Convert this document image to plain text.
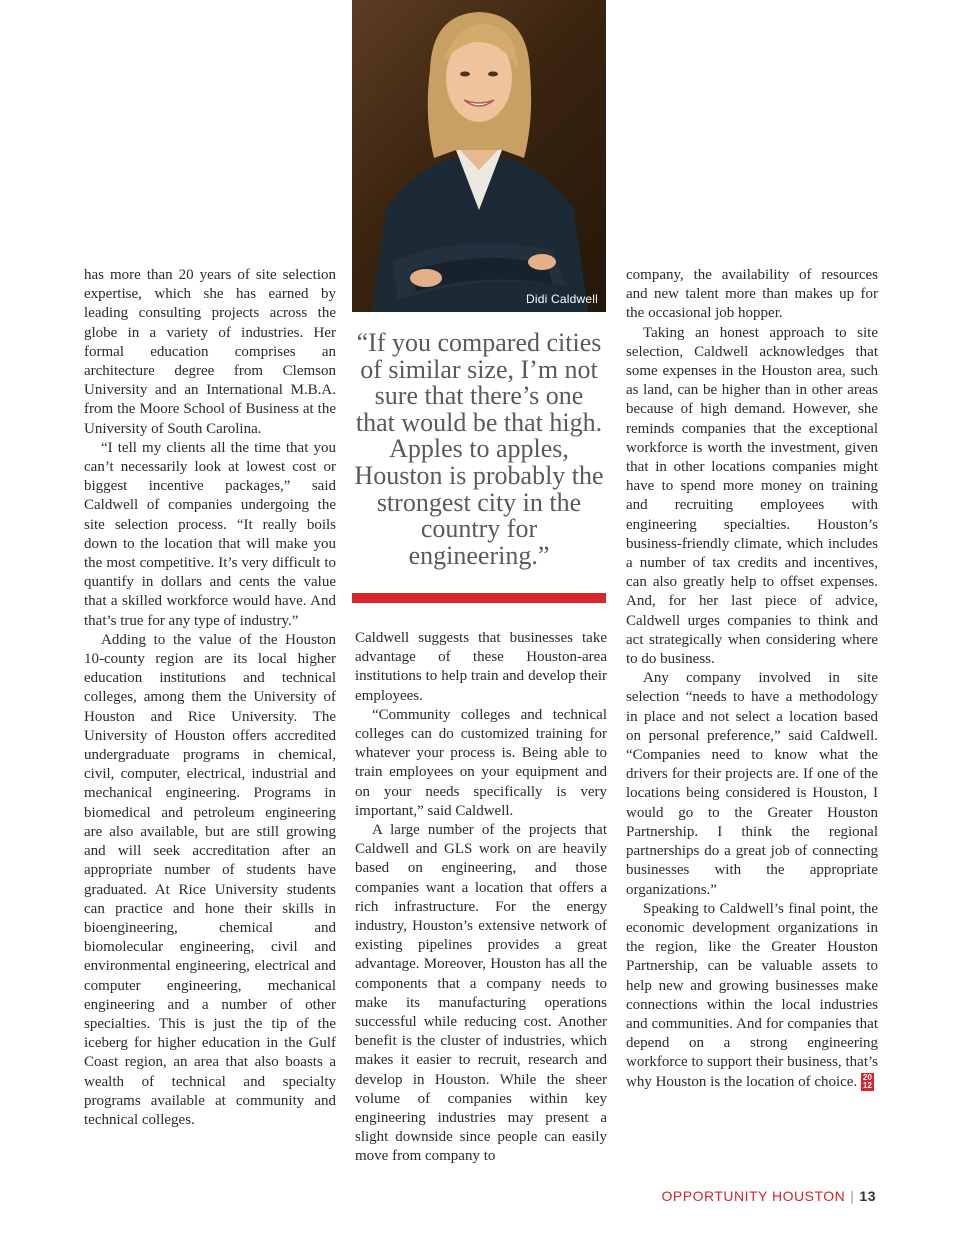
Didi Caldwell
“If you compared cities of similar size, I’m not sure that there’s one that would be that high. Apples to apples, Houston is probably the strongest city in the country for engineering.”

has more than 20 years of site selection expertise, which she has earned by leading consulting projects across the globe in a variety of industries. Her formal education comprises an architecture degree from Clemson University and an International M.B.A. from the Moore School of Business at the University of South Carolina.

“I tell my clients all the time that you can’t necessarily look at lowest cost or biggest incentive packages,” said Caldwell of companies undergoing the site selection process. “It really boils down to the location that will make you the most competitive. It’s very difficult to quantify in dollars and cents the value that a skilled workforce would have. And that’s true for any type of industry.”

Adding to the value of the Houston 10-county region are its local higher education institutions and technical colleges, among them the University of Houston and Rice University. The University of Houston offers accredited undergraduate programs in chemical, civil, computer, electrical, industrial and mechanical engineering. Programs in biomedical and petroleum engineering are also available, but are still growing and will seek accreditation after an appropriate number of students have graduated. At Rice University students can practice and hone their skills in bioengineering, chemical and biomolecular engineering, civil and environmental engineering, electrical and computer engineering, mechanical engineering and a number of other specialties. This is just the tip of the iceberg for higher education in the Gulf Coast region, an area that also boasts a wealth of technical and specialty programs available at community and technical colleges.

Caldwell suggests that businesses take advantage of these Houston-area institutions to help train and develop their employees.

“Community colleges and technical colleges can do customized training for whatever your process is. Being able to train employees on your equipment and on your needs specifically is very important,” said Caldwell.

A large number of the projects that Caldwell and GLS work on are heavily based on engineering, and those companies want a location that offers a rich infrastructure. For the energy industry, Houston’s extensive network of existing pipelines provides a great advantage. Moreover, Houston has all the components that a company needs to make its manufacturing operations successful while reducing cost. Another benefit is the cluster of industries, which makes it easier to recruit, research and develop in Houston. While the sheer volume of companies within key engineering industries may present a slight downside since people can easily move from company to

company, the availability of resources and new talent more than makes up for the occasional job hopper.

Taking an honest approach to site selection, Caldwell acknowledges that some expenses in the Houston area, such as land, can be higher than in other areas because of high demand. However, she reminds companies that the exceptional workforce is worth the investment, given that in other locations companies might have to spend more money on training and recruiting employees with engineering specialties. Houston’s business-friendly climate, which includes a number of tax credits and incentives, can also greatly help to offset expenses. And, for her last piece of advice, Caldwell urges companies to think and act strategically when considering where to do business.

Any company involved in site selection “needs to have a methodology in place and not select a location based on personal preference,” said Caldwell. “Companies need to know what the drivers for their projects are. If one of the locations being considered is Houston, I would go to the Greater Houston Partnership. I think the regional partnerships do a great job of connecting businesses with the appropriate organizations.”

Speaking to Caldwell’s final point, the economic development organizations in the region, like the Greater Houston Partnership, can be valuable assets to help new and growing businesses make connections within the local industries and communities. And for companies that depend on a strong engineering workforce to support their business, that’s why Houston is the location of choice. 20
12

OPPORTUNITY HOUSTON | 13
